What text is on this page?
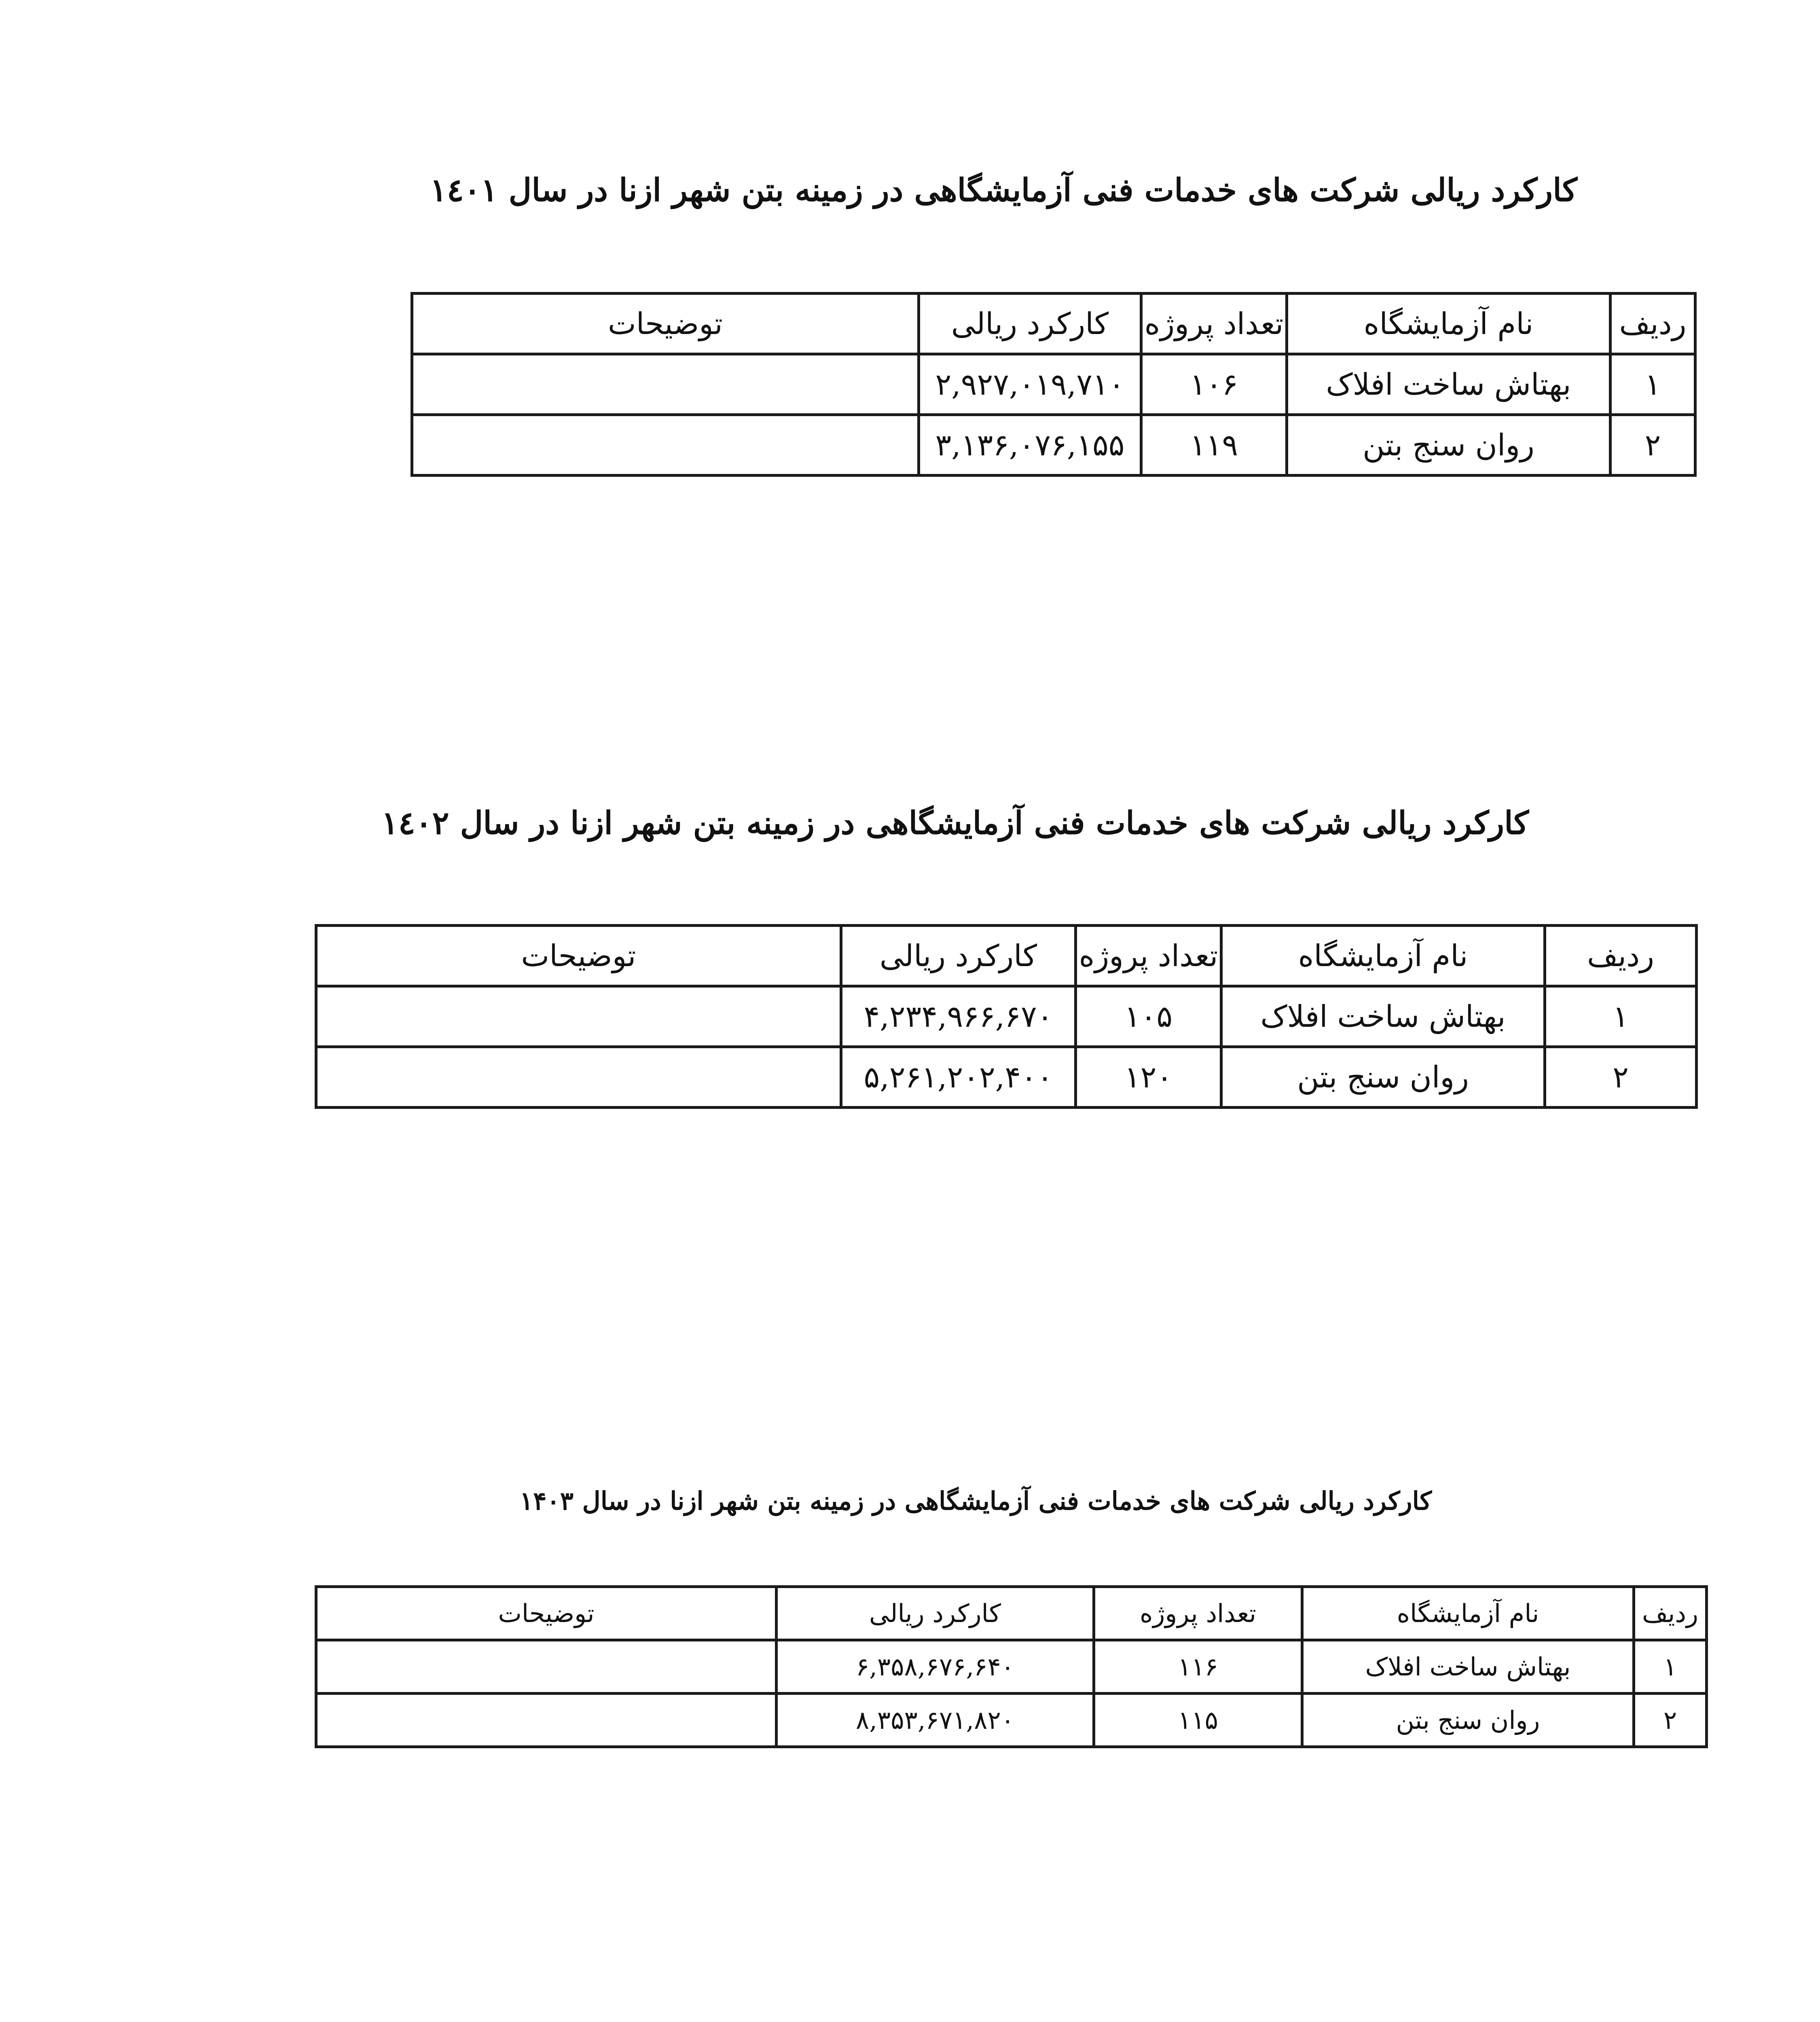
کارکرد ریالی شرکت های خدمات فنی آزمایشگاهی در زمینه بتن شهر ازنا در سال ۱٤۰۱
ردیف	نام آزمایشگاه	تعداد پروژه	کارکرد ریالی	توضیحات
۱	بهتاش ساخت افلاک	۱۰۶	۲,۹۲۷,۰۱۹,۷۱۰	
۲	روان سنج بتن	۱۱۹	۳,۱۳۶,۰۷۶,۱۵۵	
کارکرد ریالی شرکت های خدمات فنی آزمایشگاهی در زمینه بتن شهر ازنا در سال ۱٤۰۲
ردیف	نام آزمایشگاه	تعداد پروژه	کارکرد ریالی	توضیحات
۱	بهتاش ساخت افلاک	۱۰۵	۴,۲۳۴,۹۶۶,۶۷۰	
۲	روان سنج بتن	۱۲۰	۵,۲۶۱,۲۰۲,۴۰۰	
کارکرد ریالی شرکت های خدمات فنی آزمایشگاهی در زمینه بتن شهر ازنا در سال ۱۴۰۳
ردیف	نام آزمایشگاه	تعداد پروژه	کارکرد ریالی	توضیحات
۱	بهتاش ساخت افلاک	۱۱۶	۶,۳۵۸,۶۷۶,۶۴۰	
۲	روان سنج بتن	۱۱۵	۸,۳۵۳,۶۷۱,۸۲۰	
